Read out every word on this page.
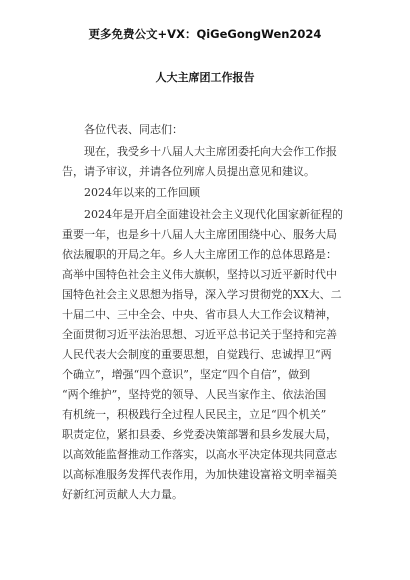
更多免费公文+VX：QiGeGongWen2024
人大主席团工作报告
各位代表、同志们：
现在，我受乡十八届人大主席团委托向大会作工作报
告，请予审议，并请各位列席人员提出意见和建议。
2024年以来的工作回顾
2024年是开启全面建设社会主义现代化国家新征程的
重要一年，也是乡十八届人大主席团围绕中心、服务大局
依法履职的开局之年。乡人大主席团工作的总体思路是：
高举中国特色社会主义伟大旗帜，坚持以习近平新时代中
国特色社会主义思想为指导，深入学习贯彻党的XX大、二
十届二中、三中全会、中央、省市县人大工作会议精神，
全面贯彻习近平法治思想、习近平总书记关于坚持和完善
人民代表大会制度的重要思想，自觉践行、忠诚捍卫“两
个确立”，增强“四个意识”，坚定“四个自信”，做到
“两个维护”，坚持党的领导、人民当家作主、依法治国
有机统一，积极践行全过程人民民主，立足“四个机关”
职责定位，紧扣县委、乡党委决策部署和县乡发展大局，
以高效能监督推动工作落实，以高水平决定体现共同意志
以高标准服务发挥代表作用，为加快建设富裕文明幸福美
好新红河贡献人大力量。
